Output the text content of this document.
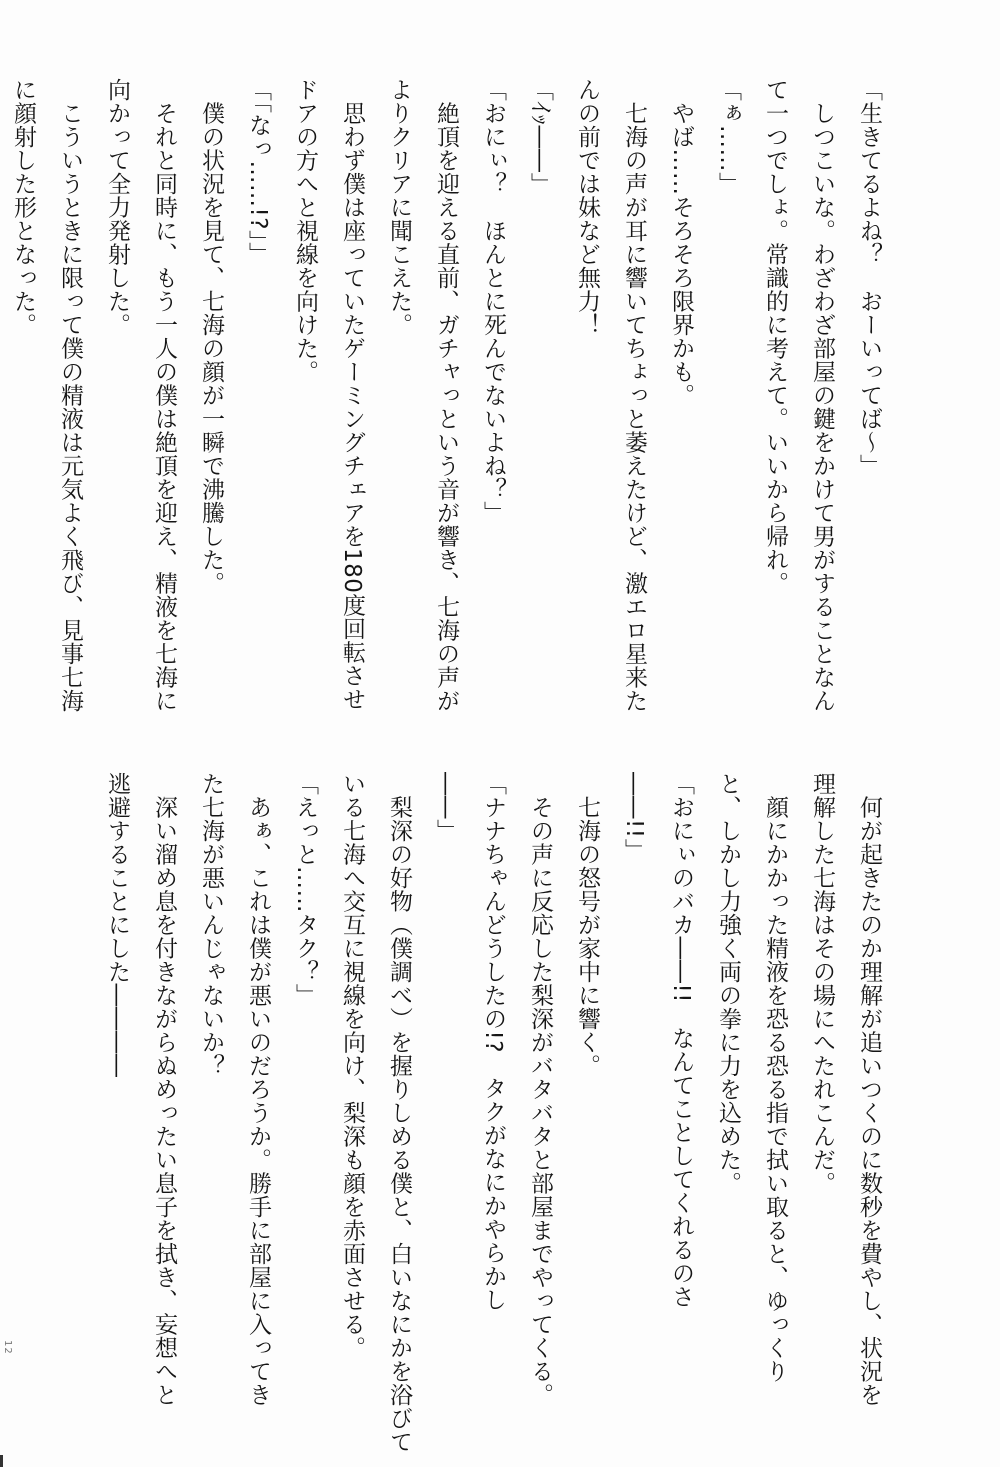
「生きてるよね？　おーいってば〜」
　しつこいな。わざわざ部屋の鍵をかけて男がすることなん
て一つでしょ。常識的に考えて。いいから帰れ。
「ぁ……」
　やば……そろそろ限界かも。
　七海の声が耳に響いてちょっと萎えたけど、激エロ星来た
んの前では妹など無力！
「ｲｯ――」
「おにぃ？　ほんとに死んでないよね？」
　絶頂を迎える直前、ガチャっという音が響き、七海の声が
よりクリアに聞こえた。
　思わず僕は座っていたゲーミングチェアを180度回転させ
ドアの方へと視線を向けた。
「「なっ……!?」」
　僕の状況を見て、七海の顔が一瞬で沸騰した。
　それと同時に、もう一人の僕は絶頂を迎え、精液を七海に
向かって全力発射した。
　こういうときに限って僕の精液は元気よく飛び、見事七海
に顔射した形となった。
　何が起きたのか理解が追いつくのに数秒を費やし、状況を
理解した七海はその場にへたれこんだ。
　顔にかかった精液を恐る恐る指で拭い取ると、ゆっくり
と、しかし力強く両の拳に力を込めた。
「おにぃのバカ――!!　なんてことしてくれるのさ
――!!」
　七海の怒号が家中に響く。
　その声に反応した梨深がバタバタと部屋までやってくる。
「ナナちゃんどうしたの!?　タクがなにかやらかし
――」
　梨深の好物（僕調べ）を握りしめる僕と、白いなにかを浴びて
いる七海へ交互に視線を向け、梨深も顔を赤面させる。
「えっと……タク？」
　あぁ、これは僕が悪いのだろうか。勝手に部屋に入ってき
た七海が悪いんじゃないか？
　深い溜め息を付きながらぬめったい息子を拭き、妄想へと
逃避することにした――――
12
